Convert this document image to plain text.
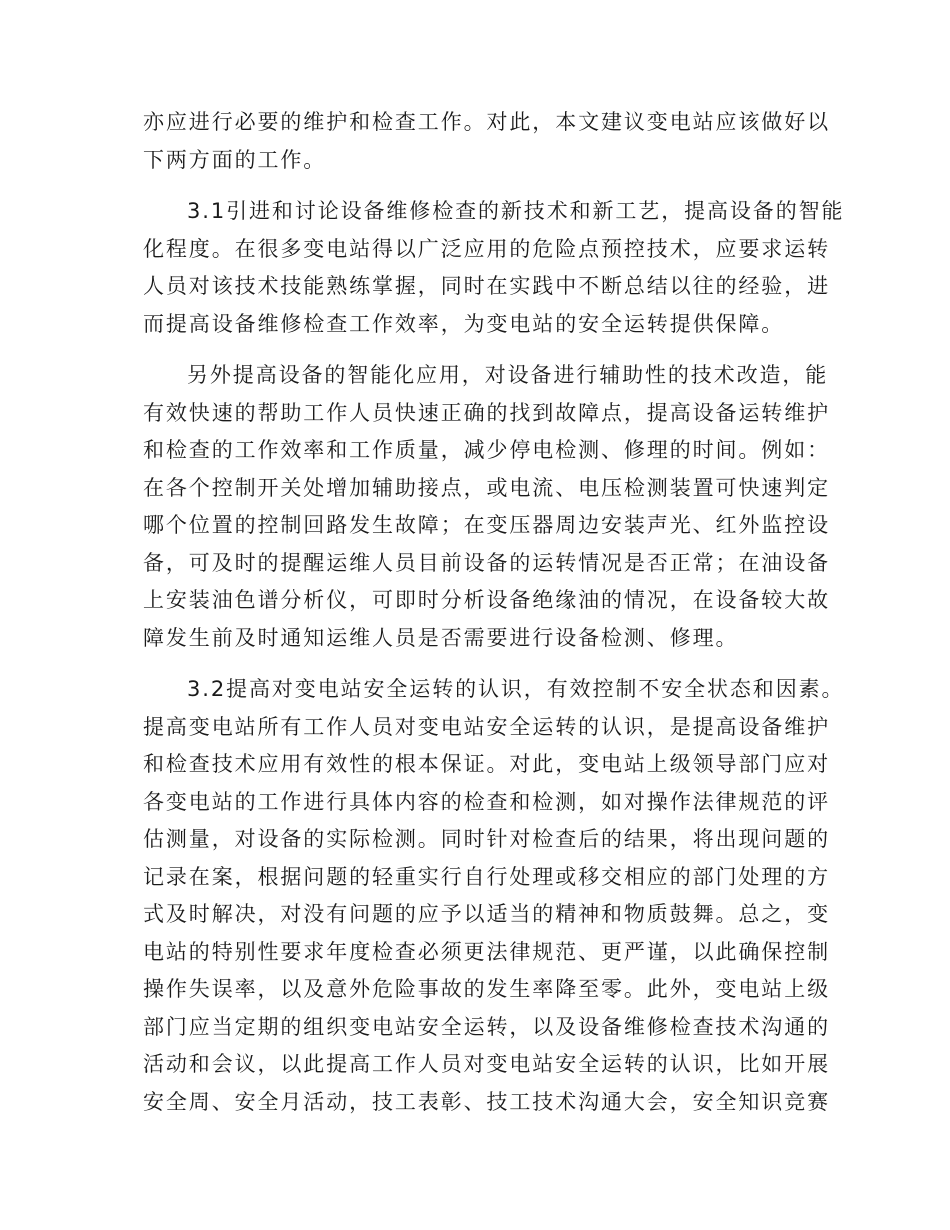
亦应进行必要的维护和检查工作。对此，本文建议变电站应该做好以
下两方面的工作。

3.1引进和讨论设备维修检查的新技术和新工艺，提高设备的智能
化程度。在很多变电站得以广泛应用的危险点预控技术，应要求运转
人员对该技术技能熟练掌握，同时在实践中不断总结以往的经验，进
而提高设备维修检查工作效率，为变电站的安全运转提供保障。

另外提高设备的智能化应用，对设备进行辅助性的技术改造，能
有效快速的帮助工作人员快速正确的找到故障点，提高设备运转维护
和检查的工作效率和工作质量，减少停电检测、修理的时间。例如：
在各个控制开关处增加辅助接点，或电流、电压检测装置可快速判定
哪个位置的控制回路发生故障；在变压器周边安装声光、红外监控设
备，可及时的提醒运维人员目前设备的运转情况是否正常；在油设备
上安装油色谱分析仪，可即时分析设备绝缘油的情况，在设备较大故
障发生前及时通知运维人员是否需要进行设备检测、修理。

3.2提高对变电站安全运转的认识，有效控制不安全状态和因素。
提高变电站所有工作人员对变电站安全运转的认识，是提高设备维护
和检查技术应用有效性的根本保证。对此，变电站上级领导部门应对
各变电站的工作进行具体内容的检查和检测，如对操作法律规范的评
估测量，对设备的实际检测。同时针对检查后的结果，将出现问题的
记录在案，根据问题的轻重实行自行处理或移交相应的部门处理的方
式及时解决，对没有问题的应予以适当的精神和物质鼓舞。总之，变
电站的特别性要求年度检查必须更法律规范、更严谨，以此确保控制
操作失误率，以及意外危险事故的发生率降至零。此外，变电站上级
部门应当定期的组织变电站安全运转，以及设备维修检查技术沟通的
活动和会议，以此提高工作人员对变电站安全运转的认识，比如开展
安全周、安全月活动，技工表彰、技工技术沟通大会，安全知识竞赛
